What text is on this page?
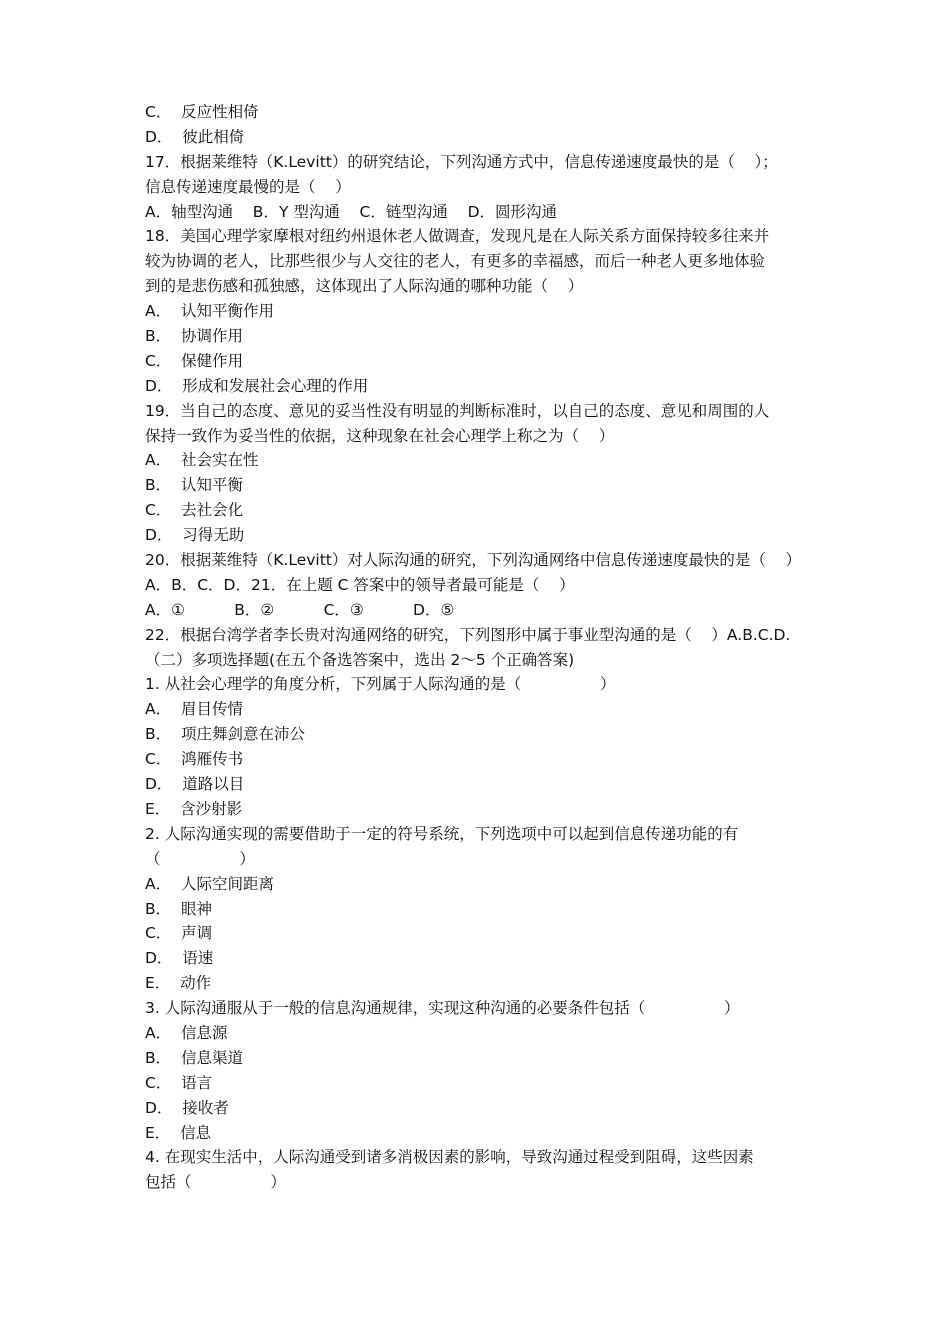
C．  反应性相倚
D．  彼此相倚
17．根据莱维特（K.Levitt）的研究结论，下列沟通方式中，信息传递速度最快的是（    ）；
信息传递速度最慢的是（    ）
A．轴型沟通    B．Y 型沟通    C．链型沟通    D．圆形沟通
18．美国心理学家摩根对纽约州退休老人做调查，发现凡是在人际关系方面保持较多往来并
较为协调的老人，比那些很少与人交往的老人，有更多的幸福感，而后一种老人更多地体验
到的是悲伤感和孤独感，这体现出了人际沟通的哪种功能（    ）
A．  认知平衡作用
B．  协调作用
C．  保健作用
D．  形成和发展社会心理的作用
19．当自己的态度、意见的妥当性没有明显的判断标准时，以自己的态度、意见和周围的人
保持一致作为妥当性的依据，这种现象在社会心理学上称之为（    ）
A．  社会实在性
B．  认知平衡
C．  去社会化
D．  习得无助
20．根据莱维特（K.Levitt）对人际沟通的研究，下列沟通网络中信息传递速度最快的是（    ）
A．B．C．D．21．在上题 C 答案中的领导者最可能是（    ）
A．①          B．②          C．③          D．⑤
22．根据台湾学者李长贵对沟通网络的研究，下列图形中属于事业型沟通的是（    ）A.B.C.D.
（二）多项选择题(在五个备选答案中，选出 2～5 个正确答案)
1. 从社会心理学的角度分析，下列属于人际沟通的是（                ）
A．  眉目传情
B．  项庄舞剑意在沛公
C．  鸿雁传书
D．  道路以目
E．  含沙射影
2. 人际沟通实现的需要借助于一定的符号系统，下列选项中可以起到信息传递功能的有
（                ）
A．  人际空间距离
B．  眼神
C．  声调
D．  语速
E．  动作
3. 人际沟通服从于一般的信息沟通规律，实现这种沟通的必要条件包括（                ）
A．  信息源
B．  信息渠道
C．  语言
D．  接收者
E．  信息
4. 在现实生活中，人际沟通受到诸多消极因素的影响，导致沟通过程受到阻碍，这些因素
包括（                ）
